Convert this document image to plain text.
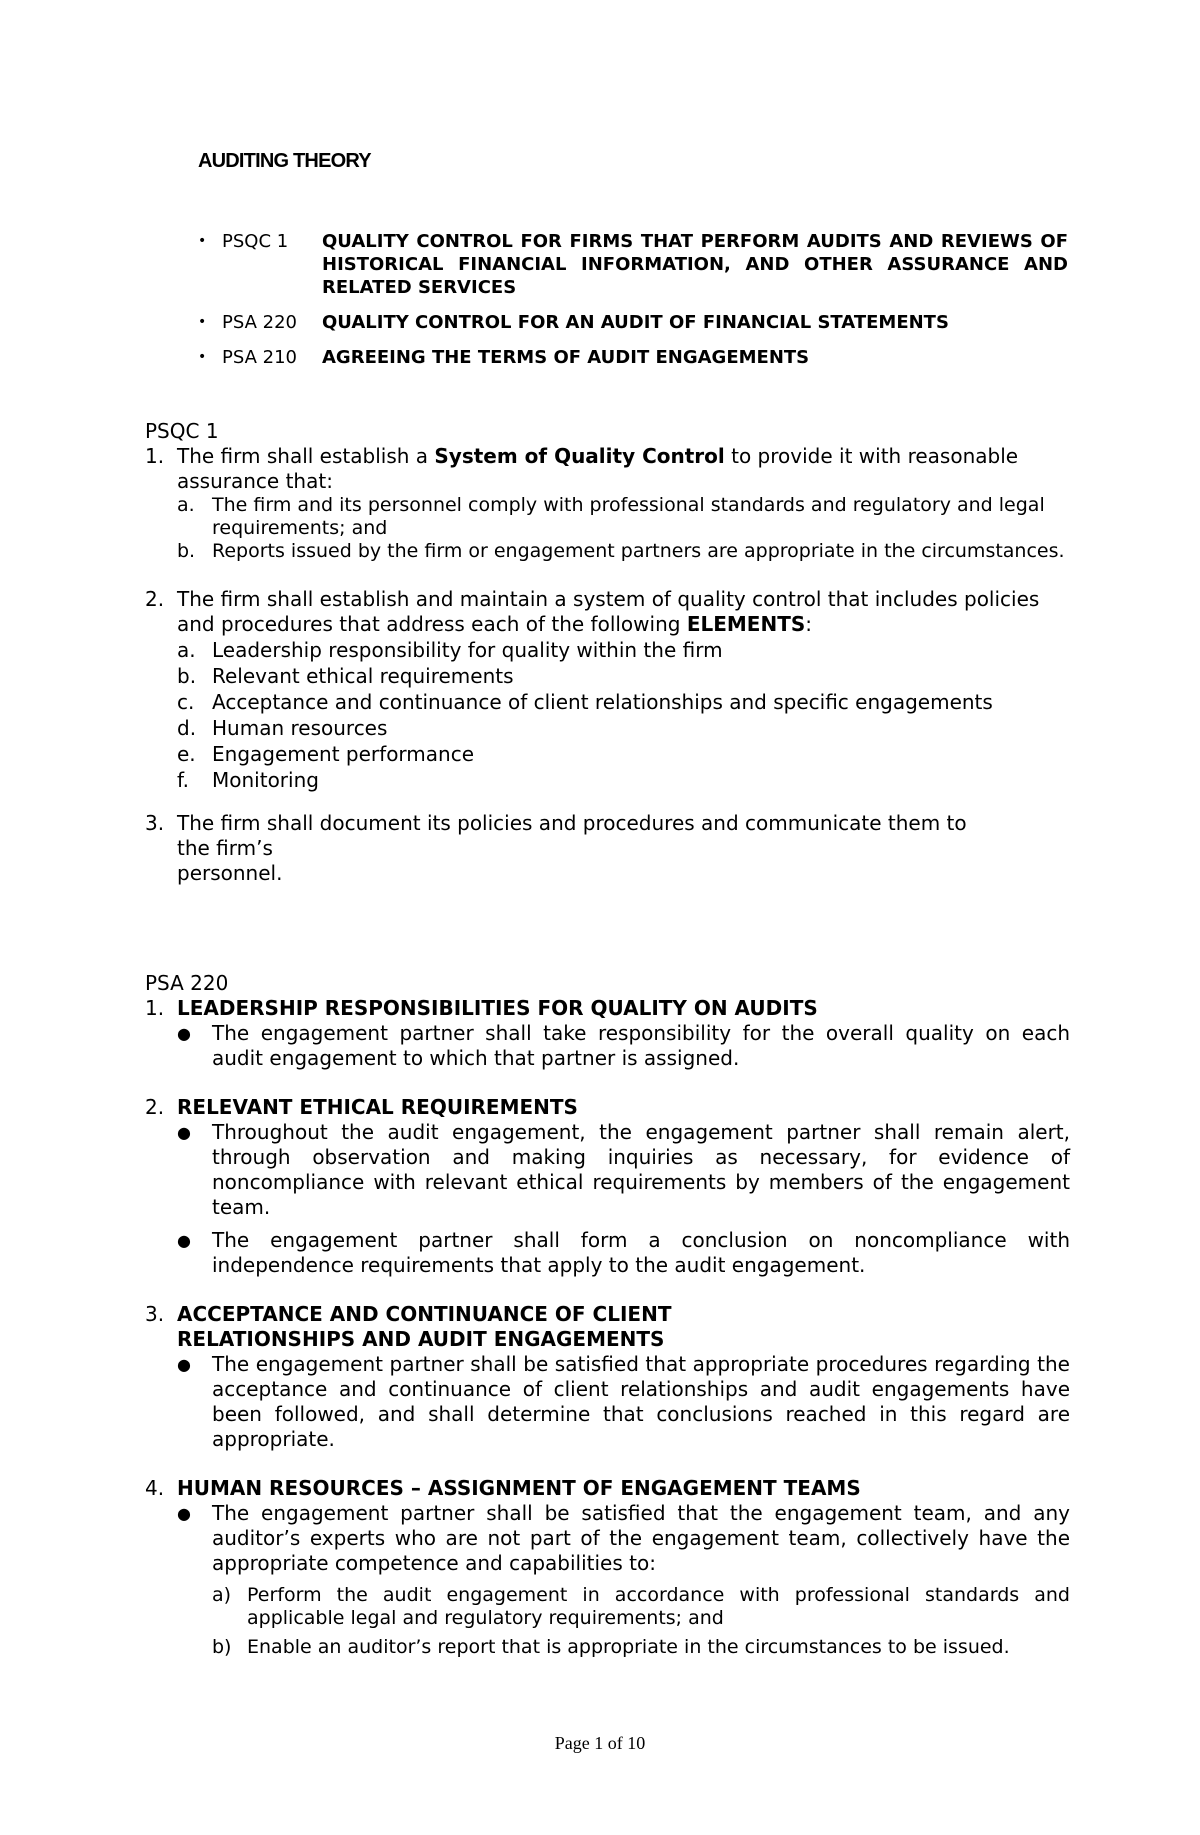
AUDITING THEORY
• PSQC 1	QUALITY CONTROL FOR FIRMS THAT PERFORM AUDITS AND REVIEWS OF HISTORICAL FINANCIAL INFORMATION, AND OTHER ASSURANCE AND RELATED SERVICES
• PSA 220	QUALITY CONTROL FOR AN AUDIT OF FINANCIAL STATEMENTS
• PSA 210	AGREEING THE TERMS OF AUDIT ENGAGEMENTS
PSQC 1
1. The firm shall establish a System of Quality Control to provide it with reasonable assurance that:
a. The firm and its personnel comply with professional standards and regulatory and legal requirements; and
b. Reports issued by the firm or engagement partners are appropriate in the circumstances.
2. The firm shall establish and maintain a system of quality control that includes policies and procedures that address each of the following ELEMENTS:
a. Leadership responsibility for quality within the firm
b. Relevant ethical requirements
c. Acceptance and continuance of client relationships and specific engagements
d. Human resources
e. Engagement performance
f.	Monitoring
3. The firm shall document its policies and procedures and communicate them to
the firm’s
personnel.
PSA 220
1. LEADERSHIP RESPONSIBILITIES FOR QUALITY ON AUDITS
●	The engagement partner shall take responsibility for the overall quality on each audit engagement to which that partner is assigned.
2. RELEVANT ETHICAL REQUIREMENTS
●	Throughout the audit engagement, the engagement partner shall remain alert, through observation and making inquiries as necessary, for evidence of noncompliance with relevant ethical requirements by members of the engagement team.
●	The engagement partner shall form a conclusion on noncompliance with independence requirements that apply to the audit engagement.
3. ACCEPTANCE AND CONTINUANCE OF CLIENT
RELATIONSHIPS AND AUDIT ENGAGEMENTS
●	The engagement partner shall be satisfied that appropriate procedures regarding the acceptance and continuance of client relationships and audit engagements have been followed, and shall determine that conclusions reached in this regard are appropriate.
4. HUMAN RESOURCES – ASSIGNMENT OF ENGAGEMENT TEAMS
●	The engagement partner shall be satisfied that the engagement team, and any auditor’s experts who are not part of the engagement team, collectively have the appropriate competence and capabilities to:
a) Perform the audit engagement in accordance with professional standards and applicable legal and regulatory requirements; and
b) Enable an auditor’s report that is appropriate in the circumstances to be issued.
Page 1 of 10
